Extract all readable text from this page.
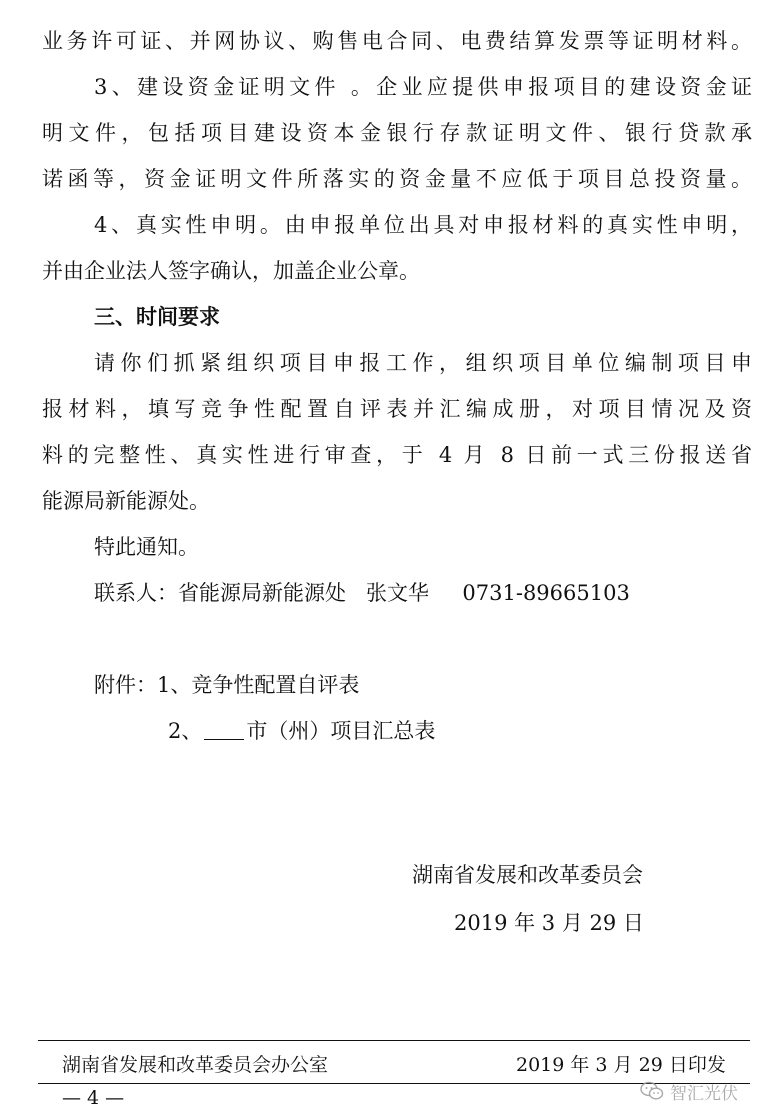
业务许可证、并网协议、购售电合同、电费结算发票等证明材料。
3、建设资金证明文件 。企业应提供申报项目的建设资金证
明文件，包括项目建设资本金银行存款证明文件、银行贷款承
诺函等，资金证明文件所落实的资金量不应低于项目总投资量。
4、真实性申明。由申报单位出具对申报材料的真实性申明，
并由企业法人签字确认，加盖企业公章。
三、时间要求
请你们抓紧组织项目申报工作，组织项目单位编制项目申
报材料，填写竞争性配置自评表并汇编成册，对项目情况及资
料的完整性、真实性进行审查，于 4 月 8 日前一式三份报送省
能源局新能源处。
特此通知。
联系人：省能源局新能源处   张文华     0731-89665103
附件：1、竞争性配置自评表
2、 市（州）项目汇总表
湖南省发展和改革委员会
2019 年 3 月 29 日
湖南省发展和改革委员会办公室	2019 年 3 月 29 日印发
— 4 —	智汇光伏
